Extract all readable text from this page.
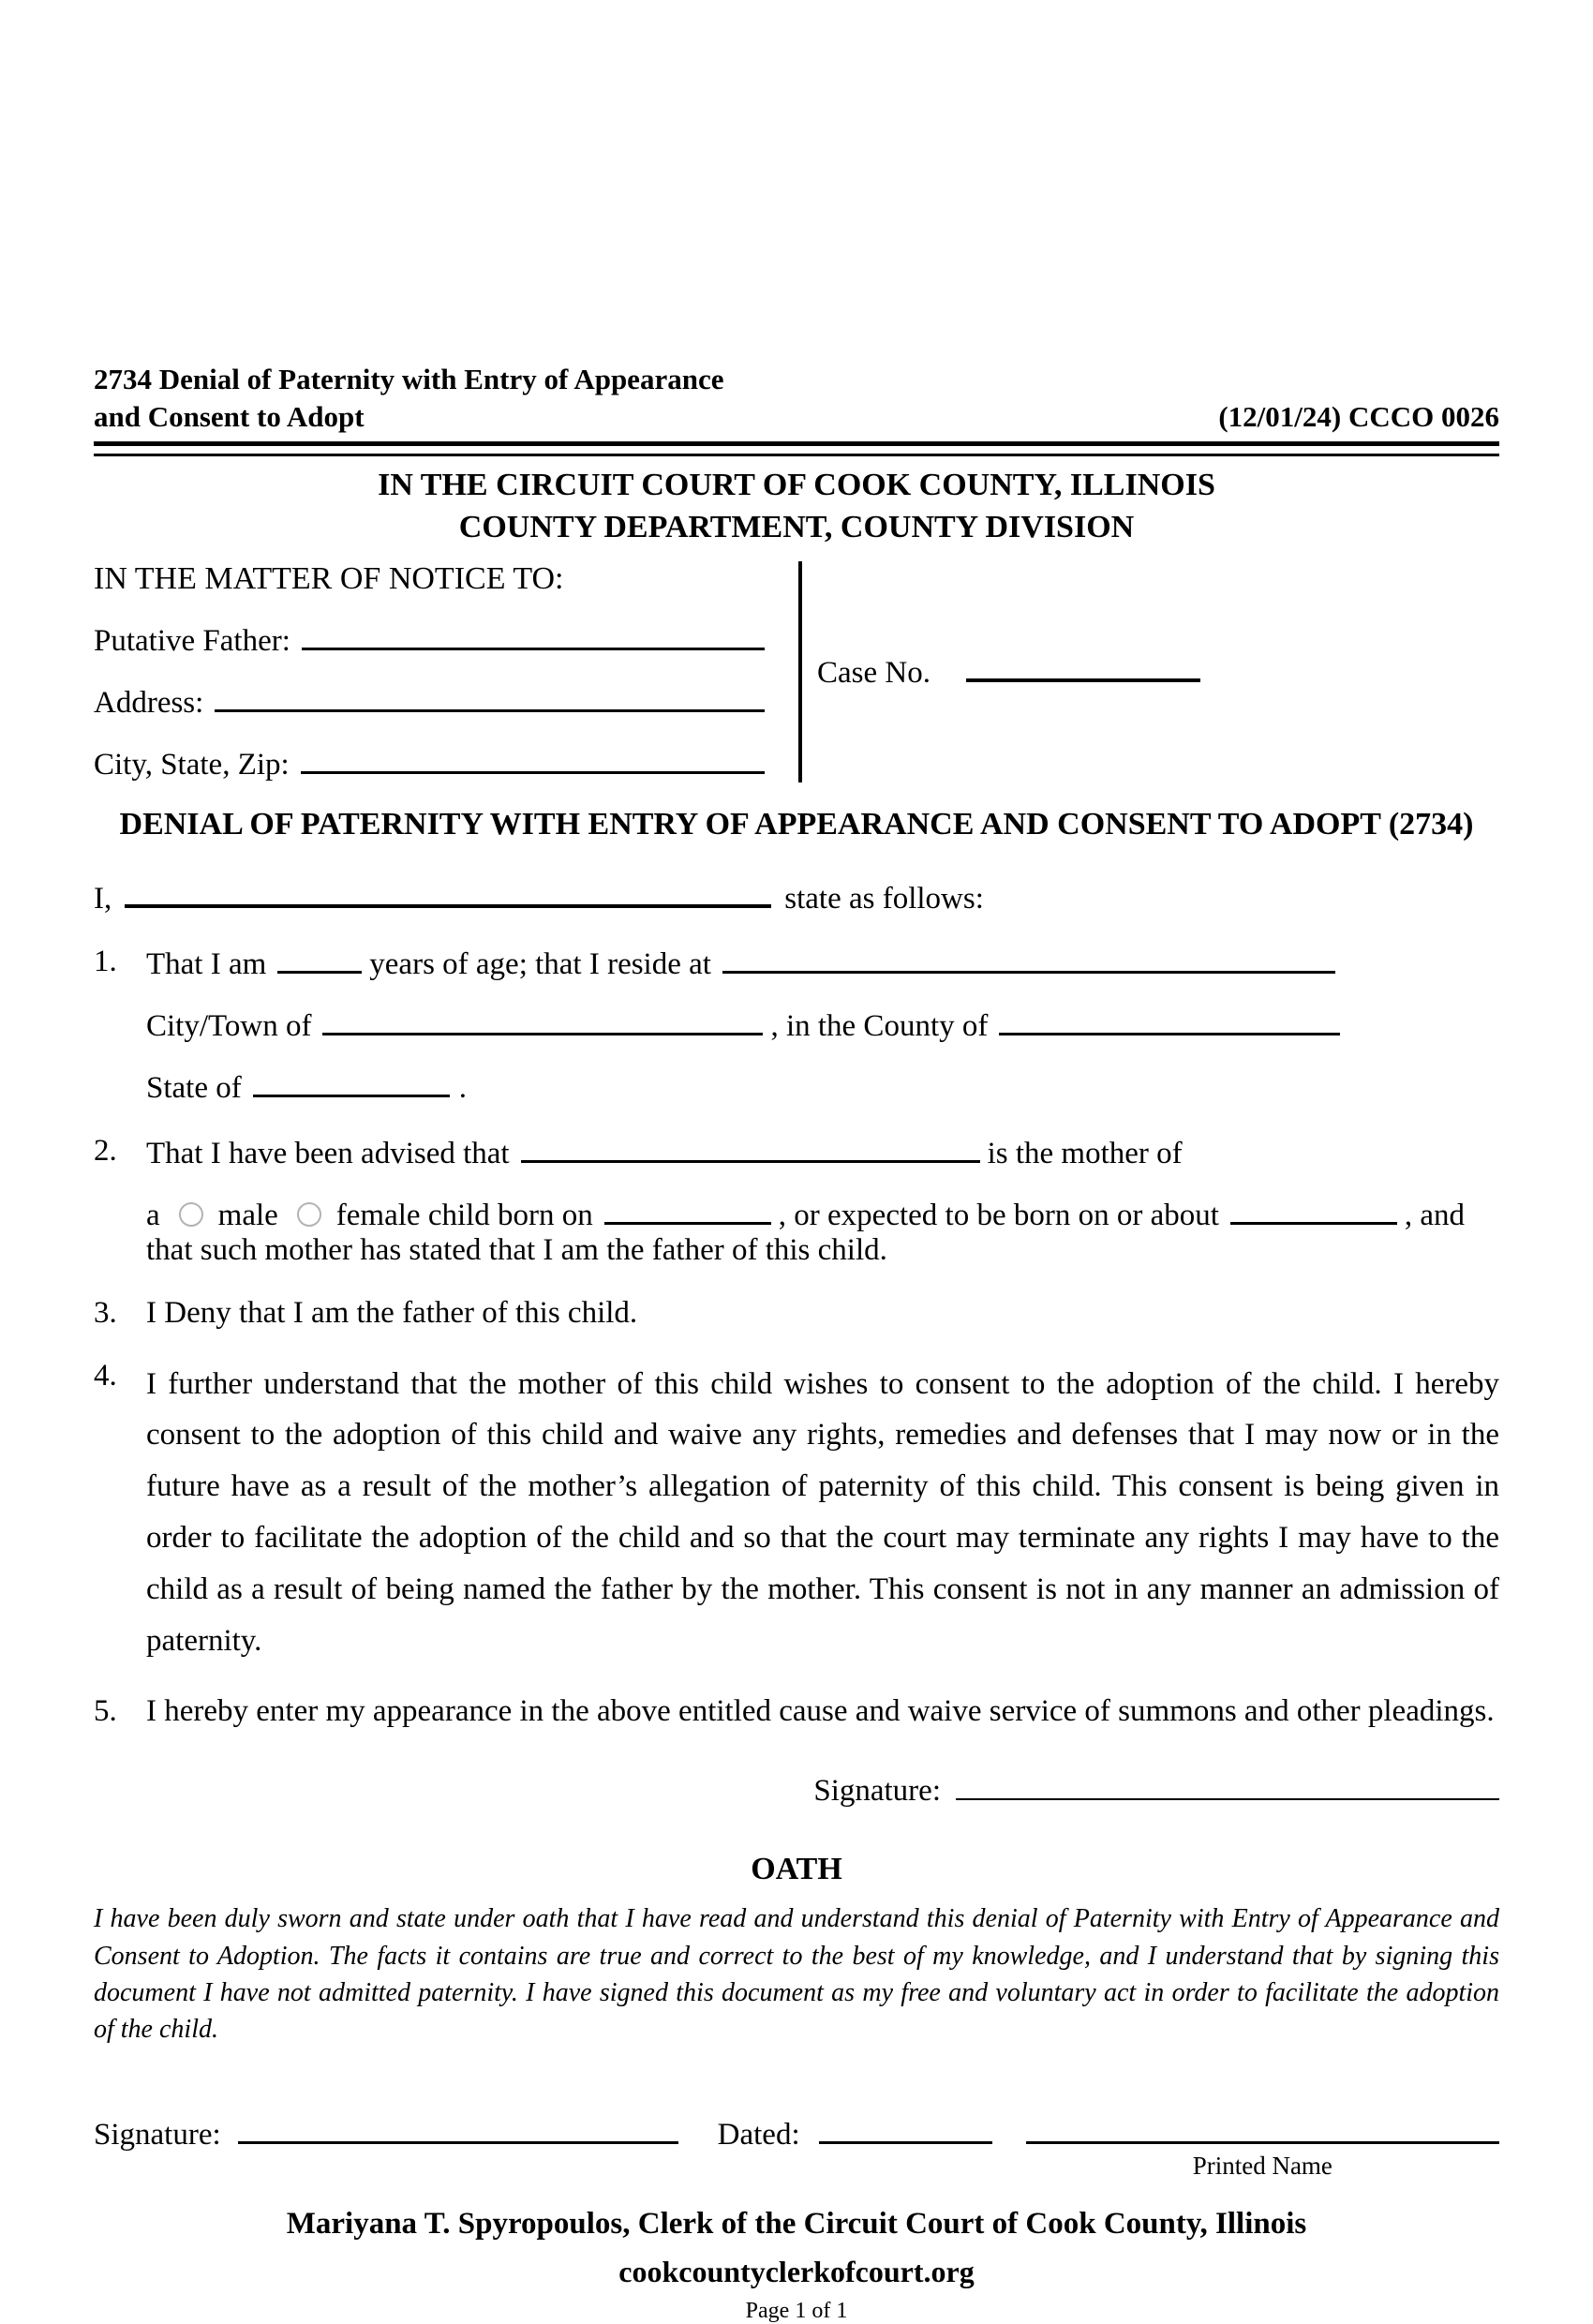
2734 Denial of Paternity with Entry of Appearance
and Consent to Adopt	(12/01/24) CCCO 0026
IN THE CIRCUIT COURT OF COOK COUNTY, ILLINOIS
COUNTY DEPARTMENT, COUNTY DIVISION
IN THE MATTER OF NOTICE TO:
Putative Father:
Address:
City, State, Zip:
Case No.
DENIAL OF PATERNITY WITH ENTRY OF APPEARANCE AND CONSENT TO ADOPT (2734)
I,	state as follows:
1. That I am	years of age; that I reside at
City/Town of	, in the County of
State of	.
2. That I have been advised that	is the mother of
a male female child born on	, or expected to be born on or about	, and
that such mother has stated that I am the father of this child.
3. I Deny that I am the father of this child.
4. I further understand that the mother of this child wishes to consent to the adoption of the child. I hereby consent to the adoption of this child and waive any rights, remedies and defenses that I may now or in the future have as a result of the mother’s allegation of paternity of this child. This consent is being given in order to facilitate the adoption of the child and so that the court may terminate any rights I may have to the child as a result of being named the father by the mother. This consent is not in any manner an admission of paternity.
5. I hereby enter my appearance in the above entitled cause and waive service of summons and other pleadings.
Signature:
OATH
I have been duly sworn and state under oath that I have read and understand this denial of Paternity with Entry of Appearance and Consent to Adoption. The facts it contains are true and correct to the best of my knowledge, and I understand that by signing this document I have not admitted paternity. I have signed this document as my free and voluntary act in order to facilitate the adoption of the child.
Signature:	Dated:
Printed Name
Mariyana T. Spyropoulos, Clerk of the Circuit Court of Cook County, Illinois
cookcountyclerkofcourt.org
Page 1 of 1
